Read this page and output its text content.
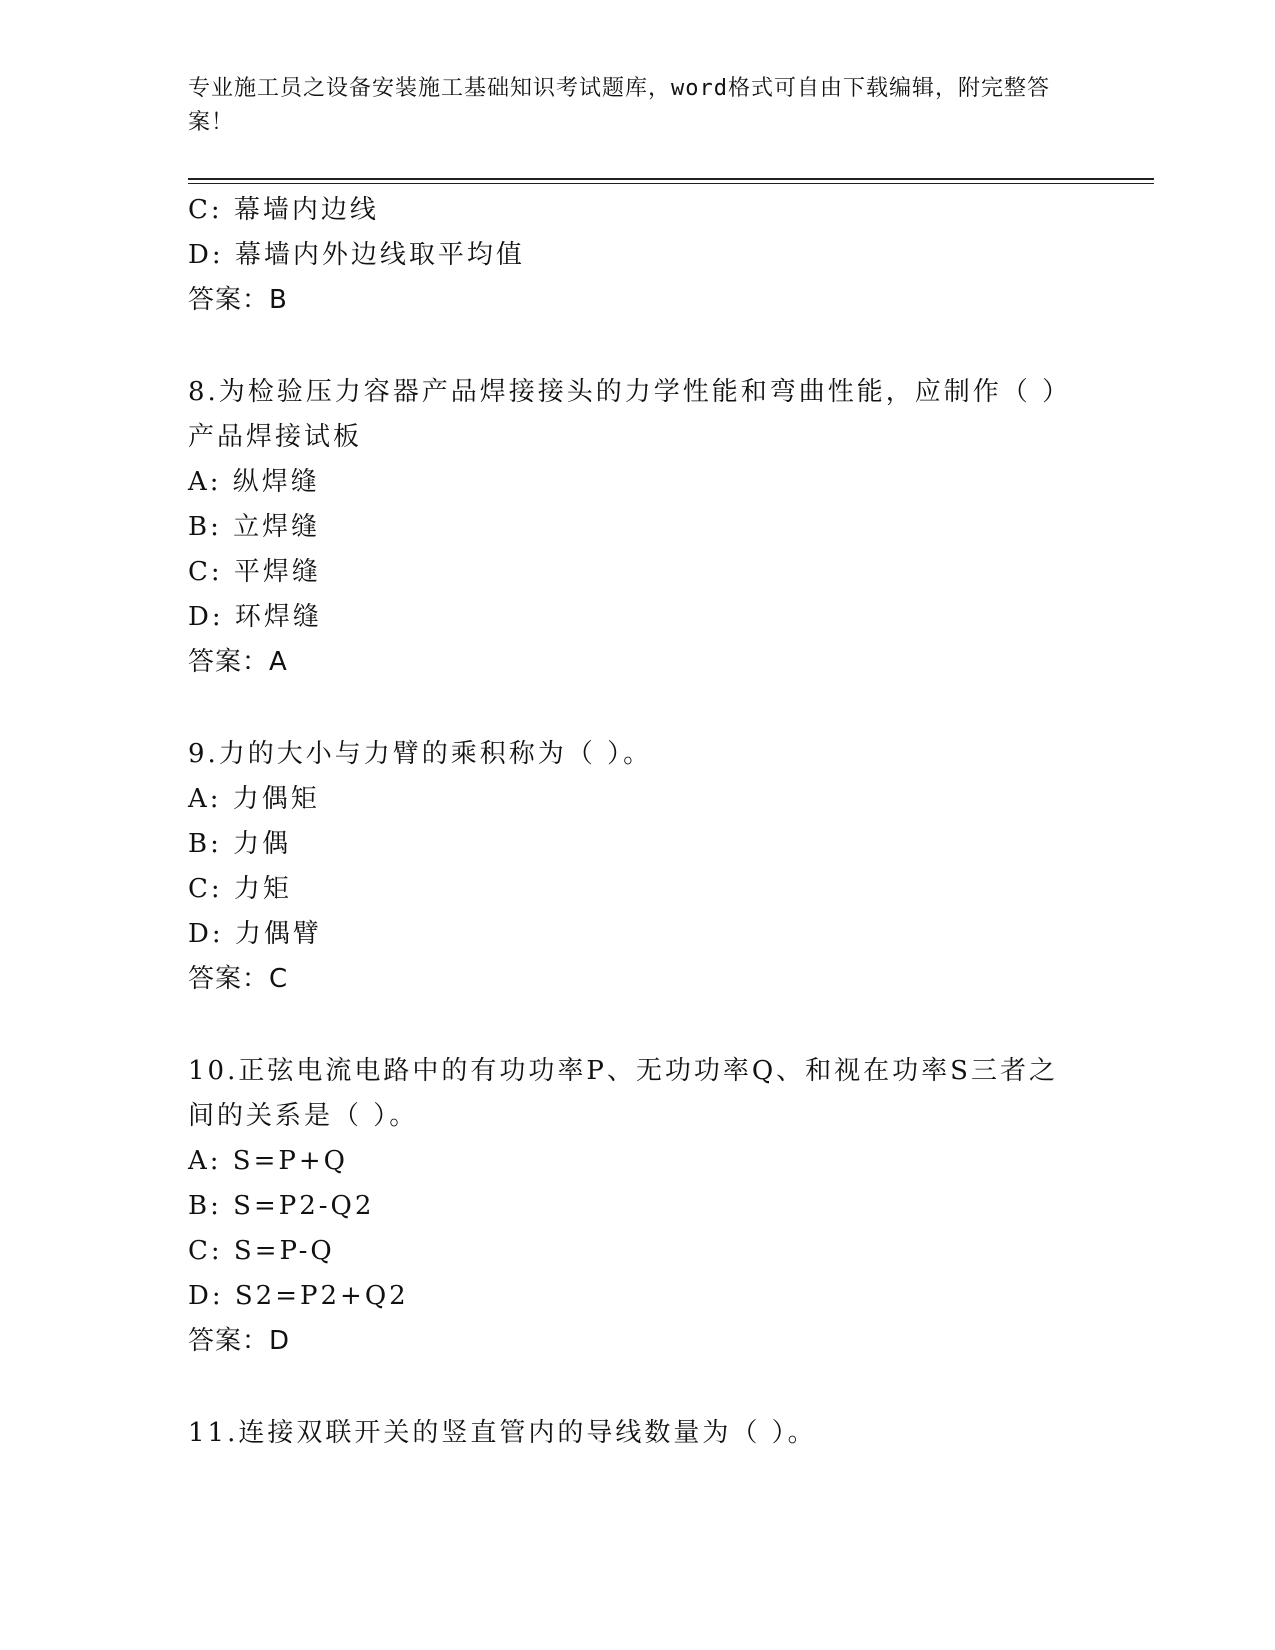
专业施工员之设备安装施工基础知识考试题库，word格式可自由下载编辑，附完整答案！
C: 幕墙内边线
D: 幕墙内外边线取平均值
答案：B
8.为检验压力容器产品焊接接头的力学性能和弯曲性能，应制作（ ）产品焊接试板
A: 纵焊缝
B: 立焊缝
C: 平焊缝
D: 环焊缝
答案：A
9.力的大小与力臂的乘积称为（ ）。
A: 力偶矩
B: 力偶
C: 力矩
D: 力偶臂
答案：C
10.正弦电流电路中的有功功率P、无功功率Q、和视在功率S三者之间的关系是（ ）。
A: S=P+Q
B: S=P2-Q2
C: S=P-Q
D: S2=P2+Q2
答案：D
11.连接双联开关的竖直管内的导线数量为（ ）。
